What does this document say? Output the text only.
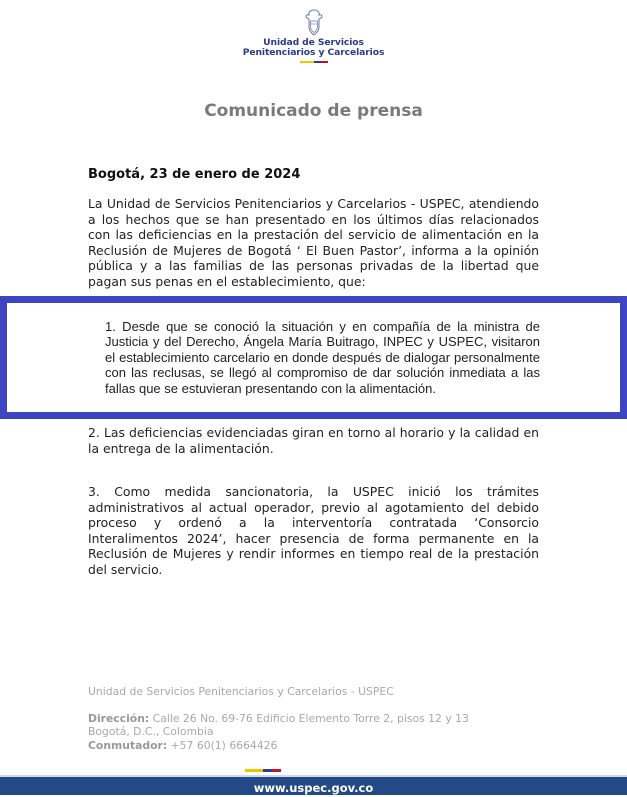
Unidad de Servicios
Penitenciarios y Carcelarios
Comunicado de prensa
Bogotá, 23 de enero de 2024
La Unidad de Servicios Penitenciarios y Carcelarios - USPEC, atendiendo a los hechos que se han presentado en los últimos días relacionados con las deficiencias en la prestación del servicio de alimentación en la Reclusión de Mujeres de Bogotá ‘ El Buen Pastor’, informa a la opinión pública y a las familias de las personas privadas de la libertad que pagan sus penas en el establecimiento, que:
1. Desde que se conoció la situación y en compañía de la ministra de Justicia y del Derecho, Ángela María Buitrago, INPEC y USPEC, visitaron el establecimiento carcelario en donde después de dialogar personalmente con las reclusas, se llegó al compromiso de dar solución inmediata a las fallas que se estuvieran presentando con la alimentación.
2. Las deficiencias evidenciadas giran en torno al horario y la calidad en la entrega de la alimentación.
3. Como medida sancionatoria, la USPEC inició los trámites administrativos al actual operador, previo al agotamiento del debido proceso y ordenó a la interventoría contratada ‘Consorcio Interalimentos 2024’, hacer presencia de forma permanente en la Reclusión de Mujeres y rendir informes en tiempo real de la prestación del servicio.
Unidad de Servicios Penitenciarios y Carcelarios - USPEC
Dirección: Calle 26 No. 69-76 Edificio Elemento Torre 2, pisos 12 y 13
Bogotá, D.C., Colombia
Conmutador: +57 60(1) 6664426
www.uspec.gov.co
